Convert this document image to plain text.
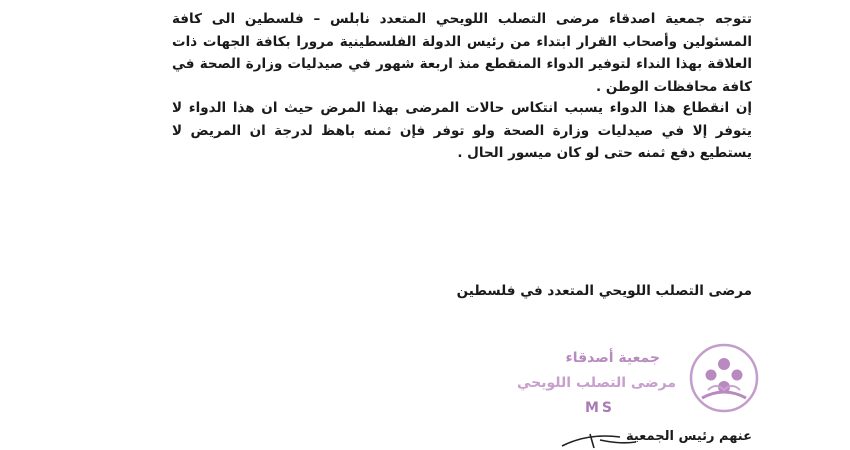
تتوجه جمعية اصدقاء مرضى التصلب اللويحي المتعدد نابلس – فلسطين الى كافة المسئولين وأصحاب القرار ابتداء من رئيس الدولة الفلسطينية مرورا بكافة الجهات ذات العلاقة بهذا النداء لتوفير الدواء المنقطع منذ اربعة شهور في صيدليات وزارة الصحة في كافة محافظات الوطن .

إن انقطاع هذا الدواء يسبب انتكاس حالات المرضى بهذا المرض حيث ان هذا الدواء لا يتوفر إلا في صيدليات وزارة الصحة ولو توفر فإن ثمنه باهظ لدرجة ان المريض لا يستطيع دفع ثمنه حتى لو كان ميسور الحال .

مرضى التصلب اللويحي المتعدد في فلسطين
جمعية أصدقاء
مرضى التصلب اللويحي
MS
عنهم رئيس الجمعية
